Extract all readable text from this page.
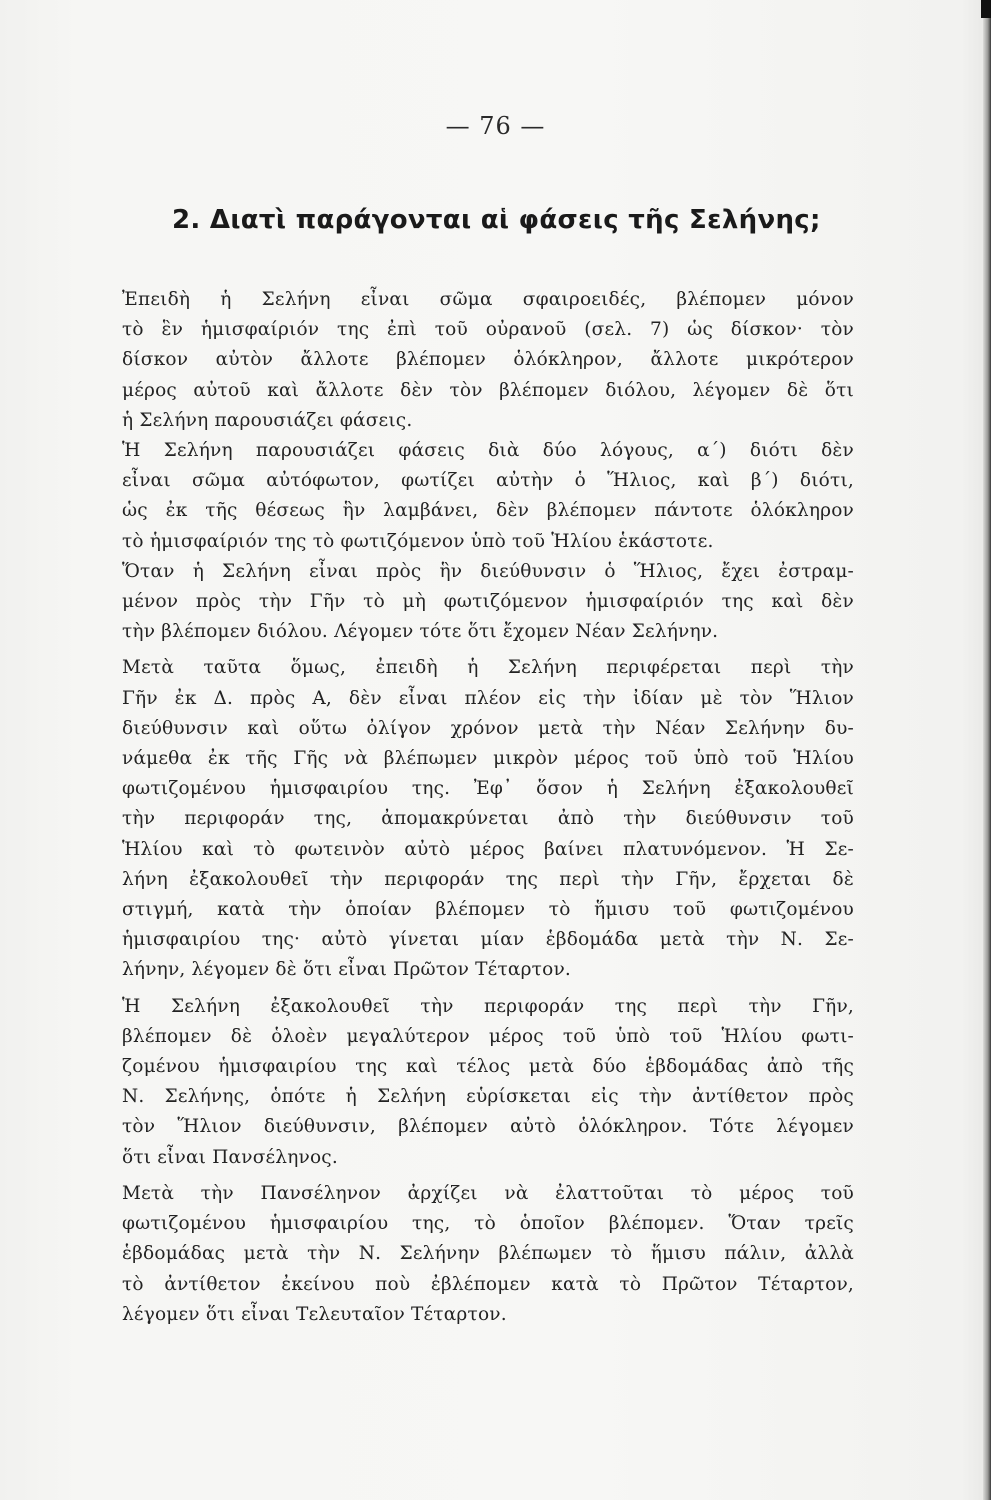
— 76 —
2. Διατὶ παράγονται αἱ φάσεις τῆς Σελήνης;

Ἐπειδὴ ἡ Σελήνη εἶναι σῶμα σφαιροειδές, βλέπομεν μόνον
τὸ ἓν ἡμισφαίριόν της ἐπὶ τοῦ οὐρανοῦ (σελ. 7) ὡς δίσκον· τὸν
δίσκον αὐτὸν ἄλλοτε βλέπομεν ὁλόκληρον, ἄλλοτε μικρότερον
μέρος αὐτοῦ καὶ ἄλλοτε δὲν τὸν βλέπομεν διόλου, λέγομεν δὲ ὅτι
ἡ Σελήνη παρουσιάζει φάσεις.

Ἡ Σελήνη παρουσιάζει φάσεις διὰ δύο λόγους, α΄) διότι δὲν
εἶναι σῶμα αὐτόφωτον, φωτίζει αὐτὴν ὁ Ἥλιος, καὶ β΄) διότι,
ὡς ἐκ τῆς θέσεως ἣν λαμβάνει, δὲν βλέπομεν πάντοτε ὁλόκληρον
τὸ ἡμισφαίριόν της τὸ φωτιζόμενον ὑπὸ τοῦ Ἡλίου ἑκάστοτε.

Ὅταν ἡ Σελήνη εἶναι πρὸς ἣν διεύθυνσιν ὁ Ἥλιος, ἔχει ἐστραμ-
μένον πρὸς τὴν Γῆν τὸ μὴ φωτιζόμενον ἡμισφαίριόν της καὶ δὲν
τὴν βλέπομεν διόλου. Λέγομεν τότε ὅτι ἔχομεν Νέαν Σελήνην.

Μετὰ ταῦτα ὅμως, ἐπειδὴ ἡ Σελήνη περιφέρεται περὶ τὴν
Γῆν ἐκ Δ. πρὸς Α, δὲν εἶναι πλέον εἰς τὴν ἰδίαν μὲ τὸν Ἥλιον
διεύθυνσιν καὶ οὕτω ὀλίγον χρόνον μετὰ τὴν Νέαν Σελήνην δυ-
νάμεθα ἐκ τῆς Γῆς νὰ βλέπωμεν μικρὸν μέρος τοῦ ὑπὸ τοῦ Ἡλίου
φωτιζομένου ἡμισφαιρίου της. Ἐφ᾽ ὅσον ἡ Σελήνη ἐξακολουθεῖ
τὴν περιφοράν της, ἀπομακρύνεται ἀπὸ τὴν διεύθυνσιν τοῦ
Ἡλίου καὶ τὸ φωτεινὸν αὐτὸ μέρος βαίνει πλατυνόμενον. Ἡ Σε-
λήνη ἐξακολουθεῖ τὴν περιφοράν της περὶ τὴν Γῆν, ἔρχεται δὲ
στιγμή, κατὰ τὴν ὁποίαν βλέπομεν τὸ ἥμισυ τοῦ φωτιζομένου
ἡμισφαιρίου της· αὐτὸ γίνεται μίαν ἑβδομάδα μετὰ τὴν Ν. Σε-
λήνην, λέγομεν δὲ ὅτι εἶναι Πρῶτον Τέταρτον.

Ἡ Σελήνη ἐξακολουθεῖ τὴν περιφοράν της περὶ τὴν Γῆν,
βλέπομεν δὲ ὁλοὲν μεγαλύτερον μέρος τοῦ ὑπὸ τοῦ Ἡλίου φωτι-
ζομένου ἡμισφαιρίου της καὶ τέλος μετὰ δύο ἑβδομάδας ἀπὸ τῆς
Ν. Σελήνης, ὁπότε ἡ Σελήνη εὑρίσκεται εἰς τὴν ἀντίθετον πρὸς
τὸν Ἥλιον διεύθυνσιν, βλέπομεν αὐτὸ ὁλόκληρον. Τότε λέγομεν
ὅτι εἶναι Πανσέληνος.

Μετὰ τὴν Πανσέληνον ἀρχίζει νὰ ἐλαττοῦται τὸ μέρος τοῦ
φωτιζομένου ἡμισφαιρίου της, τὸ ὁποῖον βλέπομεν. Ὅταν τρεῖς
ἑβδομάδας μετὰ τὴν Ν. Σελήνην βλέπωμεν τὸ ἥμισυ πάλιν, ἀλλὰ
τὸ ἀντίθετον ἐκείνου ποὺ ἐβλέπομεν κατὰ τὸ Πρῶτον Τέταρτον,
λέγομεν ὅτι εἶναι Τελευταῖον Τέταρτον.
